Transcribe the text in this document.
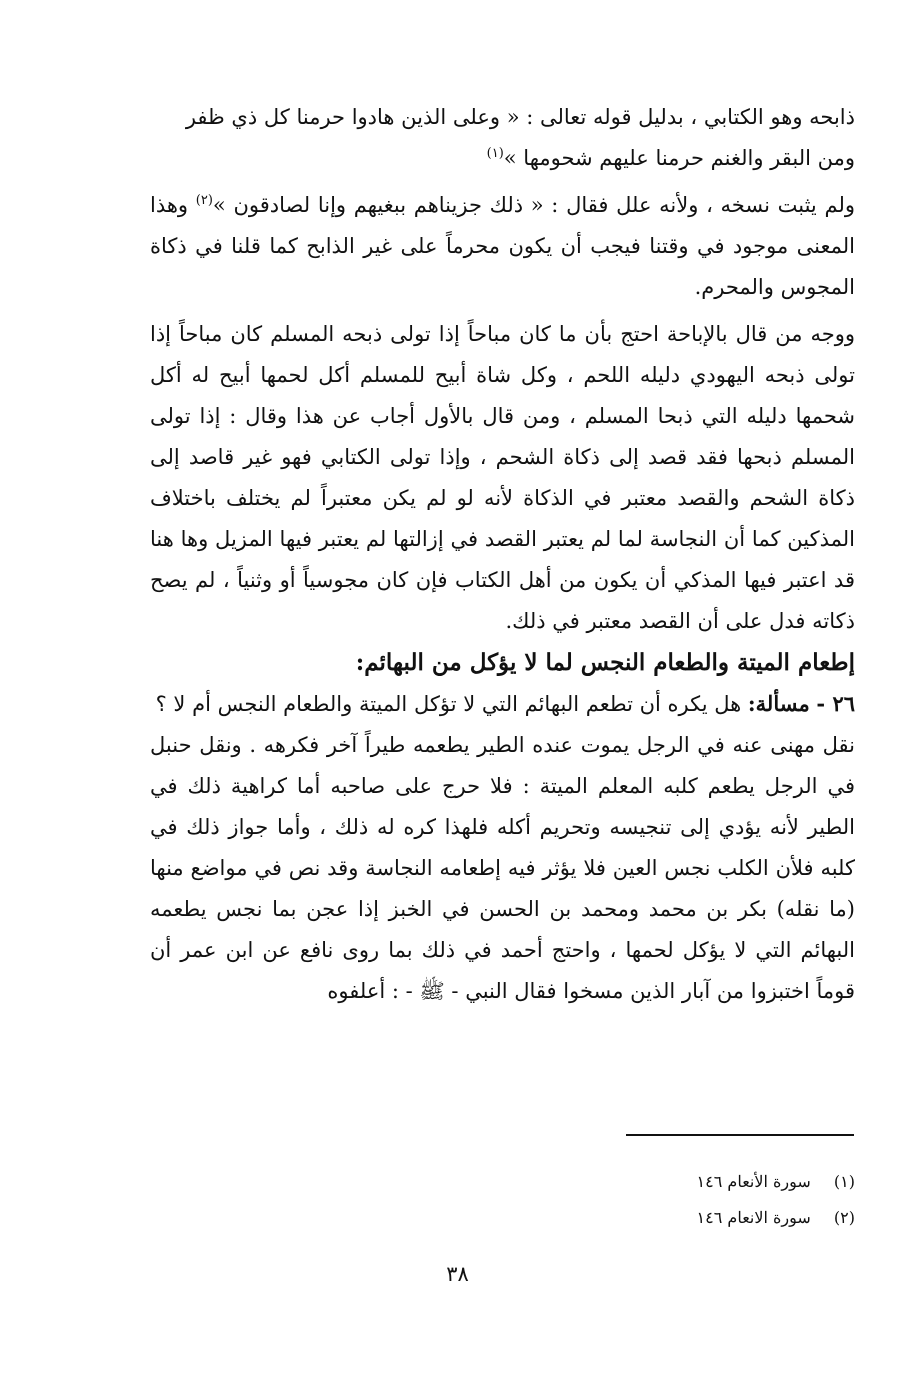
ذابحه وهو الكتابي ، بدليل قوله تعالى : « وعلى الذين هادوا حرمنا كل ذي ظفر
ومن البقر والغنم حرمنا عليهم شحومها »$^{(١)}$

ولم يثبت نسخه ، ولأنه علل فقال : « ذلك جزيناهم ببغيهم وإنا لصادقون »$^{(٢)}$ وهذا المعنى موجود في وقتنا فيجب أن يكون محرماً على غير الذابح كما قلنا في ذكاة المجوس والمحرم.

ووجه من قال بالإباحة احتج بأن ما كان مباحاً إذا تولى ذبحه المسلم كان مباحاً إذا تولى ذبحه اليهودي دليله اللحم ، وكل شاة أبيح للمسلم أكل لحمها أبيح له أكل شحمها دليله التي ذبحا المسلم ، ومن قال بالأول أجاب عن هذا وقال : إذا تولى المسلم ذبحها فقد قصد إلى ذكاة الشحم ، وإذا تولى الكتابي فهو غير قاصد إلى ذكاة الشحم والقصد معتبر في الذكاة لأنه لو لم يكن معتبراً لم يختلف باختلاف المذكين كما أن النجاسة لما لم يعتبر القصد في إزالتها لم يعتبر فيها المزيل وها هنا قد اعتبر فيها المذكي أن يكون من أهل الكتاب فإن كان مجوسياً أو وثنياً ، لم يصح ذكاته فدل على أن القصد معتبر في ذلك.

إطعام الميتة والطعام النجس لما لا يؤكل من البهائم:

٢٦ - مسألة: هل يكره أن تطعم البهائم التي لا تؤكل الميتة والطعام النجس أم لا ؟

نقل مهنى عنه في الرجل يموت عنده الطير يطعمه طيراً آخر فكرهه . ونقل حنبل في الرجل يطعم كلبه المعلم الميتة : فلا حرج على صاحبه أما كراهية ذلك في الطير لأنه يؤدي إلى تنجيسه وتحريم أكله فلهذا كره له ذلك ، وأما جواز ذلك في كلبه فلأن الكلب نجس العين فلا يؤثر فيه إطعامه النجاسة وقد نص في مواضع منها (ما نقله) بكر بن محمد ومحمد بن الحسن في الخبز إذا عجن بما نجس يطعمه البهائم التي لا يؤكل لحمها ، واحتج أحمد في ذلك بما روى نافع عن ابن عمر أن قوماً اختبزوا من آبار الذين مسخوا فقال النبي - ﷺ - : أعلفوه

(١) سورة الأنعام ١٤٦

(٢) سورة الانعام ١٤٦

٣٨
